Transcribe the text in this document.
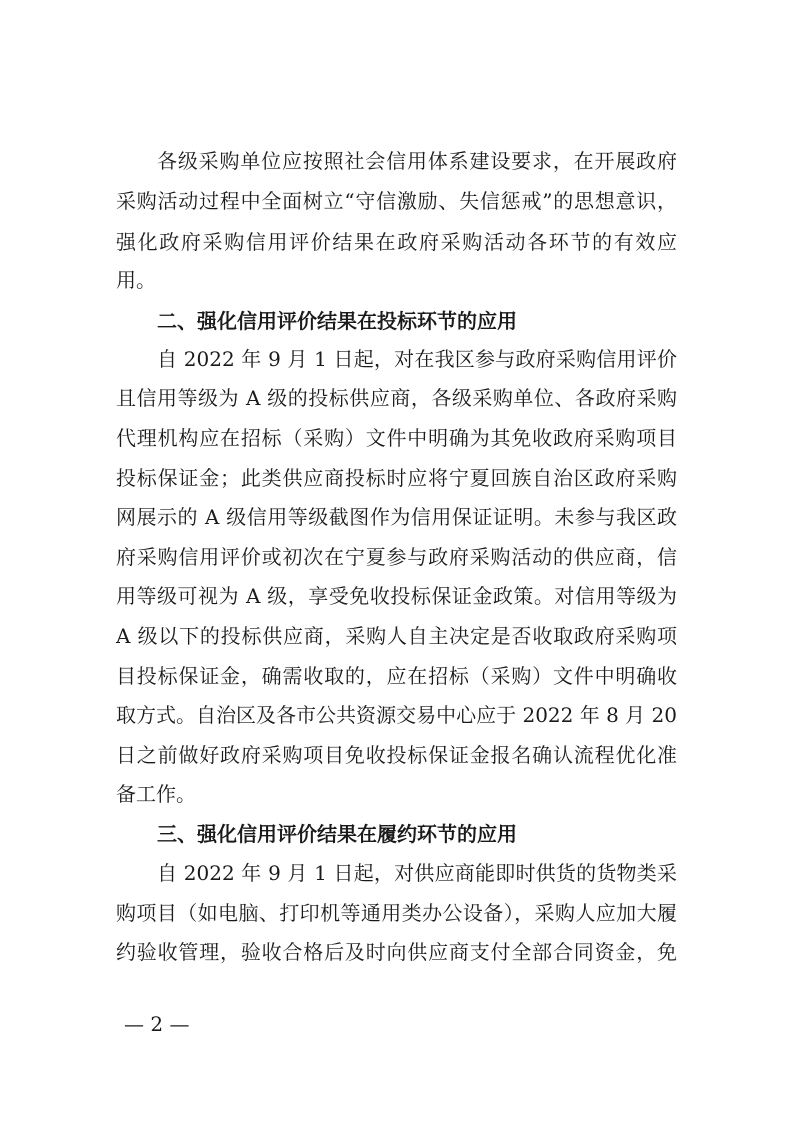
各级采购单位应按照社会信用体系建设要求，在开展政府
采购活动过程中全面树立“守信激励、失信惩戒”的思想意识，
强化政府采购信用评价结果在政府采购活动各环节的有效应
用。
二、强化信用评价结果在投标环节的应用
自 2022 年 9 月 1 日起，对在我区参与政府采购信用评价
且信用等级为 A 级的投标供应商，各级采购单位、各政府采购
代理机构应在招标（采购）文件中明确为其免收政府采购项目
投标保证金；此类供应商投标时应将宁夏回族自治区政府采购
网展示的 A 级信用等级截图作为信用保证证明。未参与我区政
府采购信用评价或初次在宁夏参与政府采购活动的供应商，信
用等级可视为 A 级，享受免收投标保证金政策。对信用等级为
A 级以下的投标供应商，采购人自主决定是否收取政府采购项
目投标保证金，确需收取的，应在招标（采购）文件中明确收
取方式。自治区及各市公共资源交易中心应于 2022 年 8 月 20
日之前做好政府采购项目免收投标保证金报名确认流程优化准
备工作。
三、强化信用评价结果在履约环节的应用
自 2022 年 9 月 1 日起，对供应商能即时供货的货物类采
购项目（如电脑、打印机等通用类办公设备），采购人应加大履
约验收管理，验收合格后及时向供应商支付全部合同资金，免
— 2 —
